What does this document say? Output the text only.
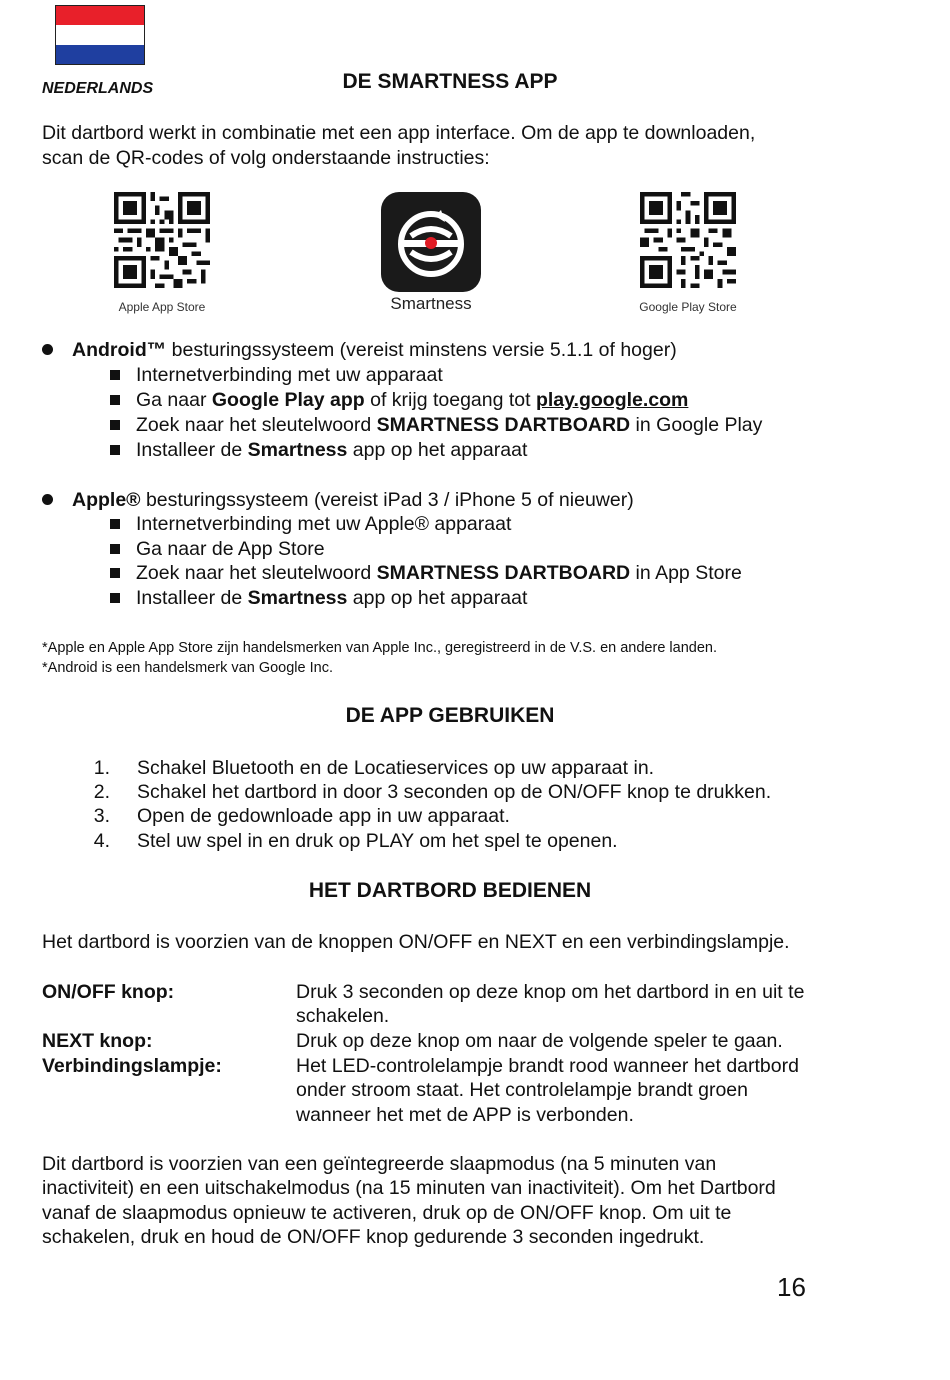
NEDERLANDS	DE SMARTNESS APP
Dit dartbord werkt in combinatie met een app interface. Om de app te downloaden,
scan de QR-codes of volg onderstaande instructies:
Apple App Store	Smartness	Google Play Store
Android™ besturingssysteem (vereist minstens versie 5.1.1 of hoger)
Internetverbinding met uw apparaat
Ga naar Google Play app of krijg toegang tot play.google.com
Zoek naar het sleutelwoord SMARTNESS DARTBOARD in Google Play
Installeer de Smartness app op het apparaat
Apple® besturingssysteem (vereist iPad 3 / iPhone 5 of nieuwer)
Internetverbinding met uw Apple® apparaat
Ga naar de App Store
Zoek naar het sleutelwoord SMARTNESS DARTBOARD in App Store
Installeer de Smartness app op het apparaat
*Apple en Apple App Store zijn handelsmerken van Apple Inc., geregistreerd in de V.S. en andere landen.
*Android is een handelsmerk van Google Inc.
DE APP GEBRUIKEN
1. Schakel Bluetooth en de Locatieservices op uw apparaat in.
2. Schakel het dartbord in door 3 seconden op de ON/OFF knop te drukken.
3. Open de gedownloade app in uw apparaat.
4. Stel uw spel in en druk op PLAY om het spel te openen.
HET DARTBORD BEDIENEN
Het dartbord is voorzien van de knoppen ON/OFF en NEXT en een verbindingslampje.
ON/OFF knop:	Druk 3 seconden op deze knop om het dartbord in en uit te
schakelen.
NEXT knop:	Druk op deze knop om naar de volgende speler te gaan.
Verbindingslampje:	Het LED-controlelampje brandt rood wanneer het dartbord
onder stroom staat. Het controlelampje brandt groen
wanneer het met de APP is verbonden.
Dit dartbord is voorzien van een geïntegreerde slaapmodus (na 5 minuten van
inactiviteit) en een uitschakelmodus (na 15 minuten van inactiviteit). Om het Dartbord
vanaf de slaapmodus opnieuw te activeren, druk op de ON/OFF knop. Om uit te
schakelen, druk en houd de ON/OFF knop gedurende 3 seconden ingedrukt.
16
